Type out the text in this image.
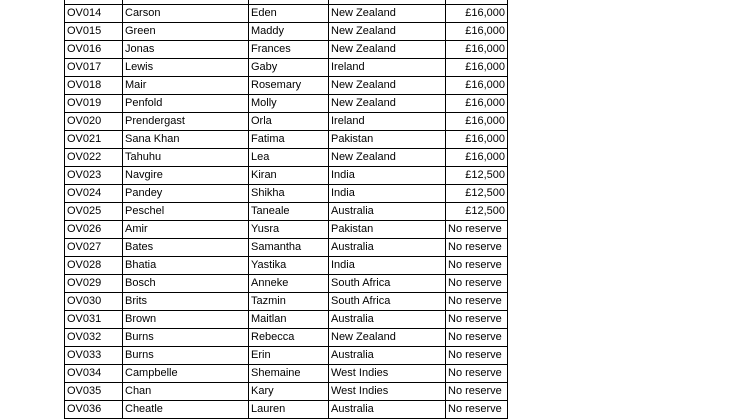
OV014	Carson	Eden	New Zealand	£16,000
OV015	Green	Maddy	New Zealand	£16,000
OV016	Jonas	Frances	New Zealand	£16,000
OV017	Lewis	Gaby	Ireland	£16,000
OV018	Mair	Rosemary	New Zealand	£16,000
OV019	Penfold	Molly	New Zealand	£16,000
OV020	Prendergast	Orla	Ireland	£16,000
OV021	Sana Khan	Fatima	Pakistan	£16,000
OV022	Tahuhu	Lea	New Zealand	£16,000
OV023	Navgire	Kiran	India	£12,500
OV024	Pandey	Shikha	India	£12,500
OV025	Peschel	Taneale	Australia	£12,500
OV026	Amir	Yusra	Pakistan	No reserve
OV027	Bates	Samantha	Australia	No reserve
OV028	Bhatia	Yastika	India	No reserve
OV029	Bosch	Anneke	South Africa	No reserve
OV030	Brits	Tazmin	South Africa	No reserve
OV031	Brown	Maitlan	Australia	No reserve
OV032	Burns	Rebecca	New Zealand	No reserve
OV033	Burns	Erin	Australia	No reserve
OV034	Campbelle	Shemaine	West Indies	No reserve
OV035	Chan	Kary	West Indies	No reserve
OV036	Cheatle	Lauren	Australia	No reserve
